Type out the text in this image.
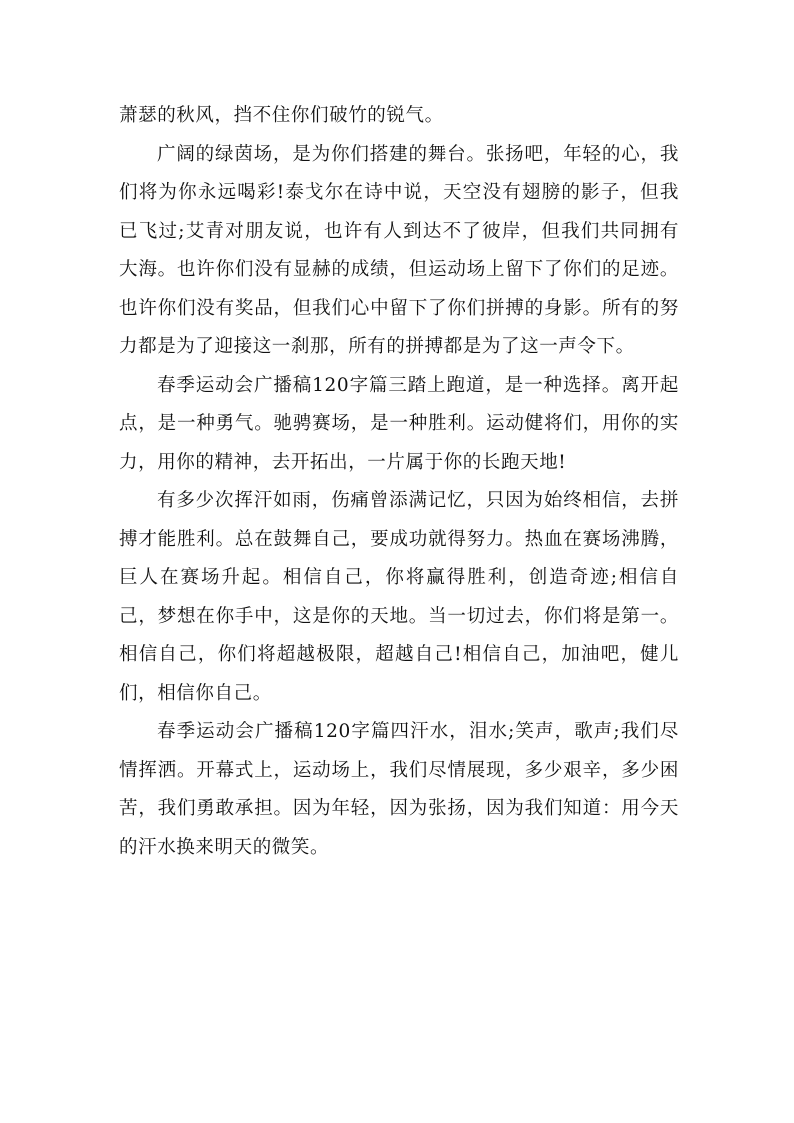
萧瑟的秋风，挡不住你们破竹的锐气。

广阔的绿茵场，是为你们搭建的舞台。张扬吧，年轻的心，我们将为你永远喝彩!泰戈尔在诗中说，天空没有翅膀的影子，但我已飞过;艾青对朋友说，也许有人到达不了彼岸，但我们共同拥有大海。也许你们没有显赫的成绩，但运动场上留下了你们的足迹。也许你们没有奖品，但我们心中留下了你们拼搏的身影。所有的努力都是为了迎接这一刹那，所有的拼搏都是为了这一声令下。

春季运动会广播稿120字篇三踏上跑道，是一种选择。离开起点，是一种勇气。驰骋赛场，是一种胜利。运动健将们，用你的实力，用你的精神，去开拓出，一片属于你的长跑天地!

有多少次挥汗如雨，伤痛曾添满记忆，只因为始终相信，去拼搏才能胜利。总在鼓舞自己，要成功就得努力。热血在赛场沸腾，巨人在赛场升起。相信自己，你将赢得胜利，创造奇迹;相信自己，梦想在你手中，这是你的天地。当一切过去，你们将是第一。相信自己，你们将超越极限，超越自己!相信自己，加油吧，健儿们，相信你自己。

春季运动会广播稿120字篇四汗水，泪水;笑声，歌声;我们尽情挥洒。开幕式上，运动场上，我们尽情展现，多少艰辛，多少困苦，我们勇敢承担。因为年轻，因为张扬，因为我们知道：用今天的汗水换来明天的微笑。
